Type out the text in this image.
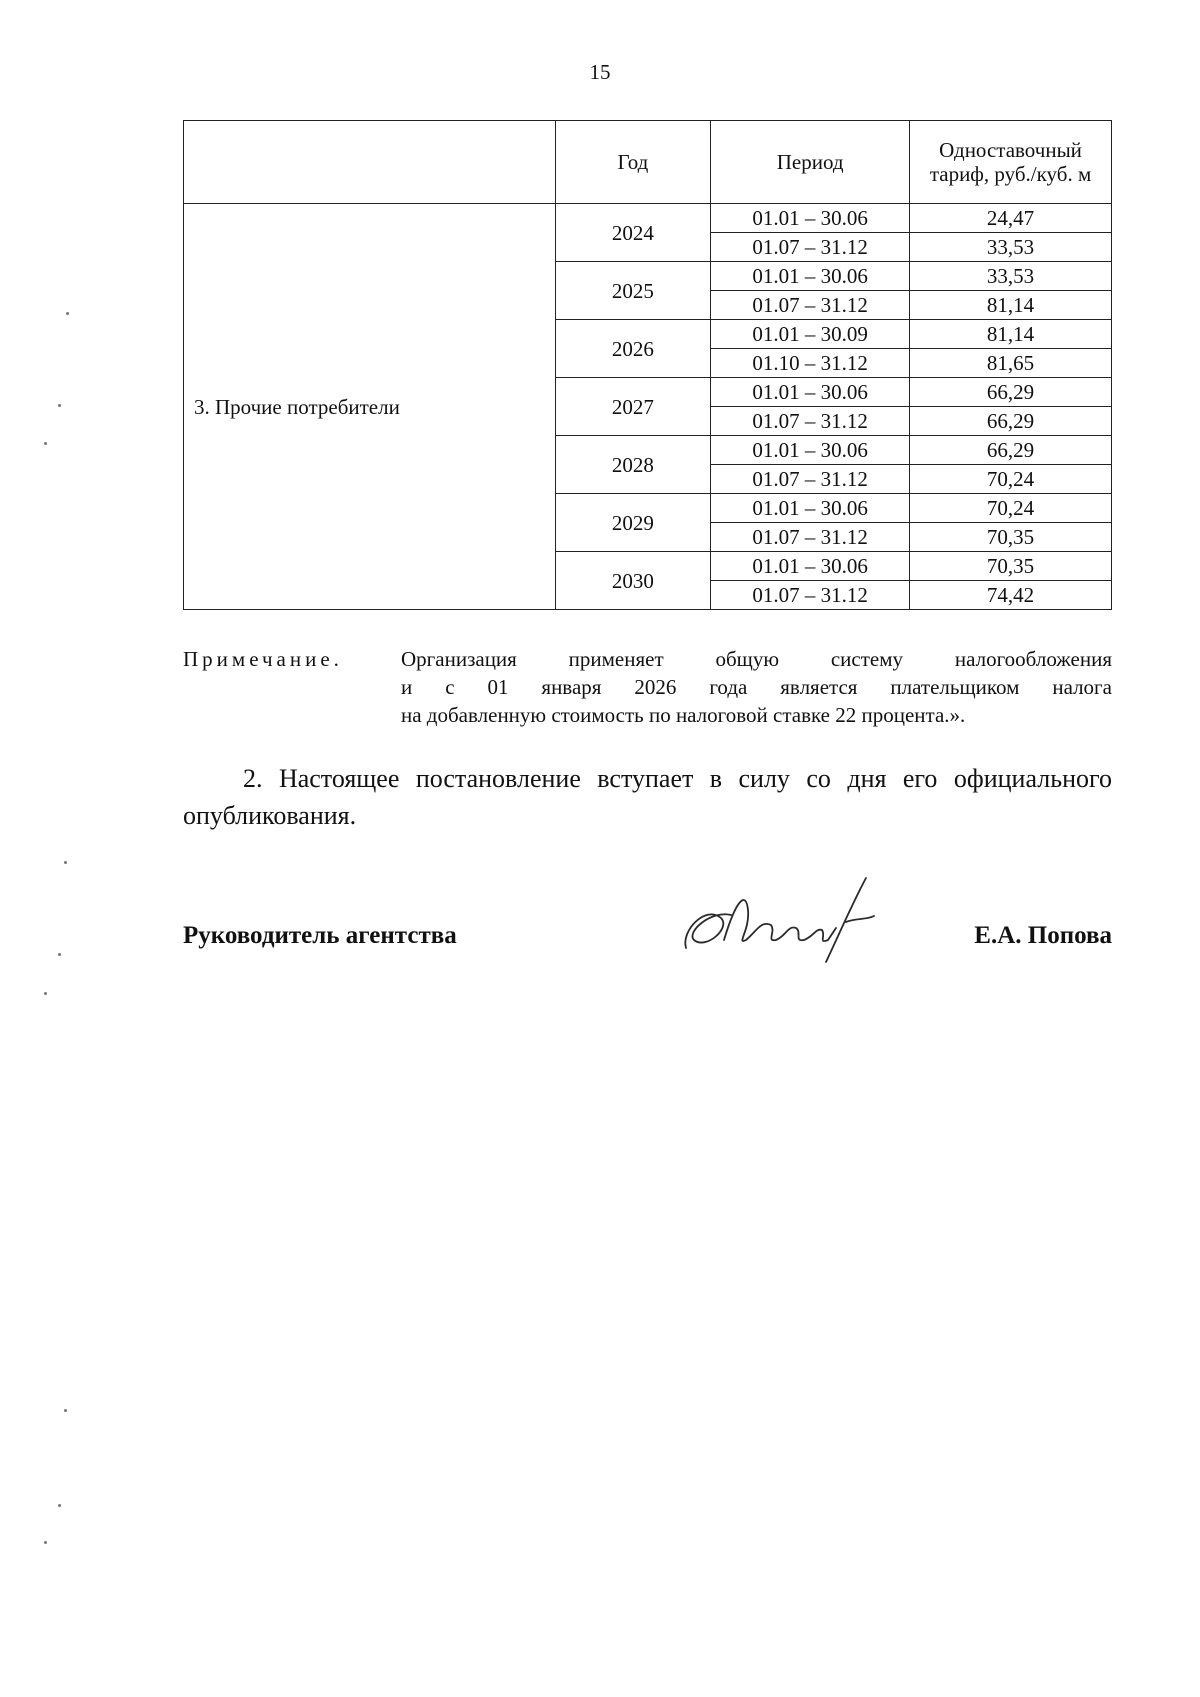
15
	Год	Период	Одноставочный тариф, руб./куб. м
3. Прочие потребители	2024	01.01 – 30.06	24,47
		01.07 – 31.12	33,53
	2025	01.01 – 30.06	33,53
		01.07 – 31.12	81,14
	2026	01.01 – 30.09	81,14
		01.10 – 31.12	81,65
	2027	01.01 – 30.06	66,29
		01.07 – 31.12	66,29
	2028	01.01 – 30.06	66,29
		01.07 – 31.12	70,24
	2029	01.01 – 30.06	70,24
		01.07 – 31.12	70,35
	2030	01.01 – 30.06	70,35
		01.07 – 31.12	74,42
Примечание.	Организация применяет общую систему налогообложения
и с 01 января 2026 года является плательщиком налога
на добавленную стоимость по налоговой ставке 22 процента.».
2. Настоящее постановление вступает в силу со дня его официального опубликования.
Руководитель агентства	Е.А. Попова
